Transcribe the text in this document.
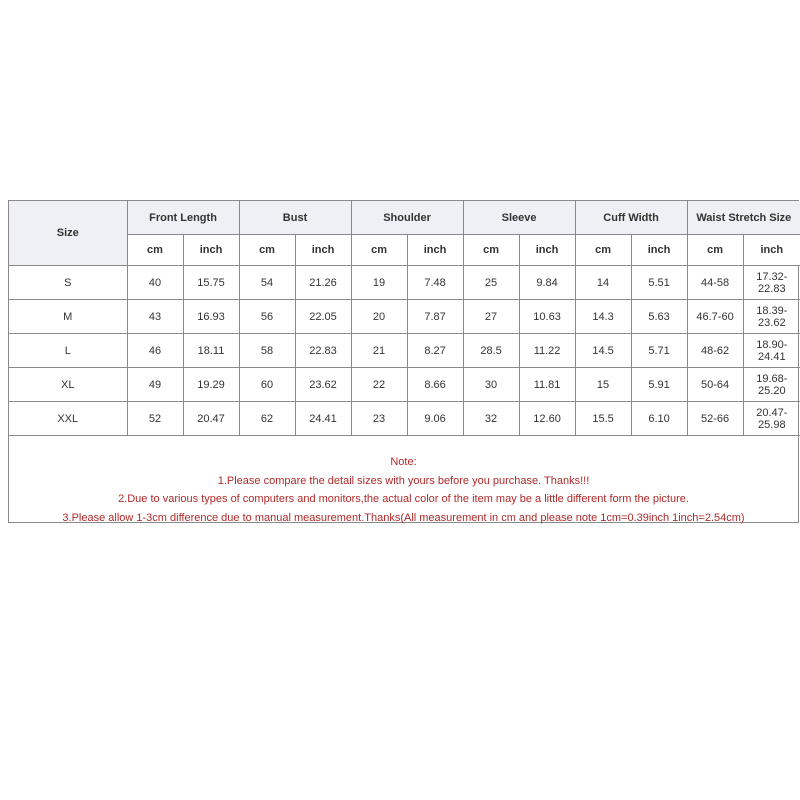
Size	Front Length		Bust		Shoulder		Sleeve		Cuff Width		Waist Stretch Size	
	cm	inch	cm	inch	cm	inch	cm	inch	cm	inch	cm	inch
S	40	15.75	54	21.26	19	7.48	25	9.84	14	5.51	44-58	17.32-22.83
M	43	16.93	56	22.05	20	7.87	27	10.63	14.3	5.63	46.7-60	18.39-23.62
L	46	18.11	58	22.83	21	8.27	28.5	11.22	14.5	5.71	48-62	18.90-24.41
XL	49	19.29	60	23.62	22	8.66	30	11.81	15	5.91	50-64	19.68-25.20
XXL	52	20.47	62	24.41	23	9.06	32	12.60	15.5	6.10	52-66	20.47-25.98
Note:
1.Please compare the detail sizes with yours before you purchase. Thanks!!!
2.Due to various types of computers and monitors,the actual color of the item may be a little different form the picture.
3.Please allow 1-3cm difference due to manual measurement.Thanks(All measurement in cm and please note 1cm=0.39inch 1inch=2.54cm)
